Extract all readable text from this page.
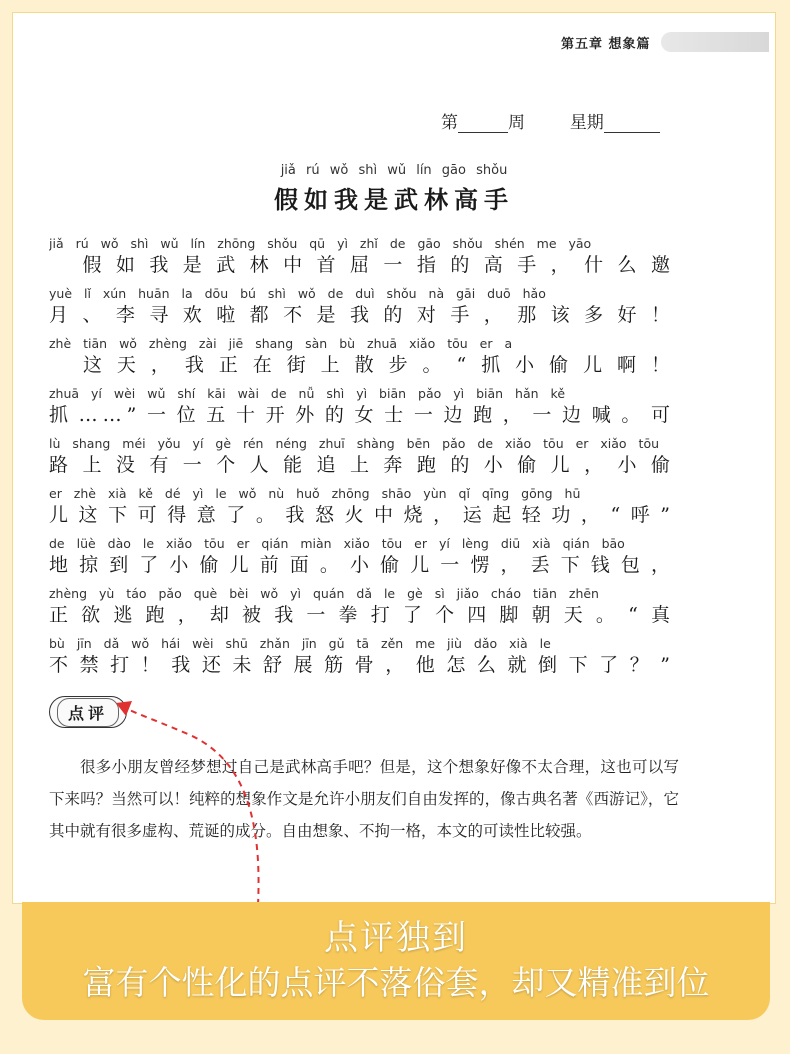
第五章 想象篇
第	周	星期
jiǎ rú wǒ shì wǔ lín gāo shǒu
假如我是武林高手
jiǎ rú wǒ shì wǔ lín zhōng shǒu qū yì zhǐ de gāo shǒu shén me yāo
　假如我是武林中首屈一指的高手，什么邀
yuè lǐ xún huān la dōu bú shì wǒ de duì shǒu nà gāi duō hǎo
月、李寻欢啦都不是我的对手，那该多好！
zhè tiān wǒ zhèng zài jiē shang sàn bù zhuā xiǎo tōu er a
　这天，我正在街上散步。“抓小偷儿啊！
zhuā yí wèi wǔ shí kāi wài de nǚ shì yì biān pǎo yì biān hǎn kě
抓……”一位五十开外的女士一边跑，一边喊。可
lù shang méi yǒu yí gè rén néng zhuī shàng bēn pǎo de xiǎo tōu er xiǎo tōu
路上没有一个人能追上奔跑的小偷儿，小偷
er zhè xià kě dé yì le wǒ nù huǒ zhōng shāo yùn qǐ qīng gōng hū
儿这下可得意了。我怒火中烧，运起轻功，“呼”
de lüè dào le xiǎo tōu er qián miàn xiǎo tōu er yí lèng diū xià qián bāo
地掠到了小偷儿前面。小偷儿一愣，丢下钱包，
zhèng yù táo pǎo què bèi wǒ yì quán dǎ le gè sì jiǎo cháo tiān zhēn
正欲逃跑，却被我一拳打了个四脚朝天。“真
bù jīn dǎ wǒ hái wèi shū zhǎn jīn gǔ tā zěn me jiù dǎo xià le
不禁打！我还未舒展筋骨，他怎么就倒下了？”
点评

很多小朋友曾经梦想过自己是武林高手吧？但是，这个想象好像不太合理，这也可以写下来吗？当然可以！纯粹的想象作文是允许小朋友们自由发挥的，像古典名著《西游记》，它其中就有很多虚构、荒诞的成分。自由想象、不拘一格，本文的可读性比较强。

点评独到
富有个性化的点评不落俗套，却又精准到位
